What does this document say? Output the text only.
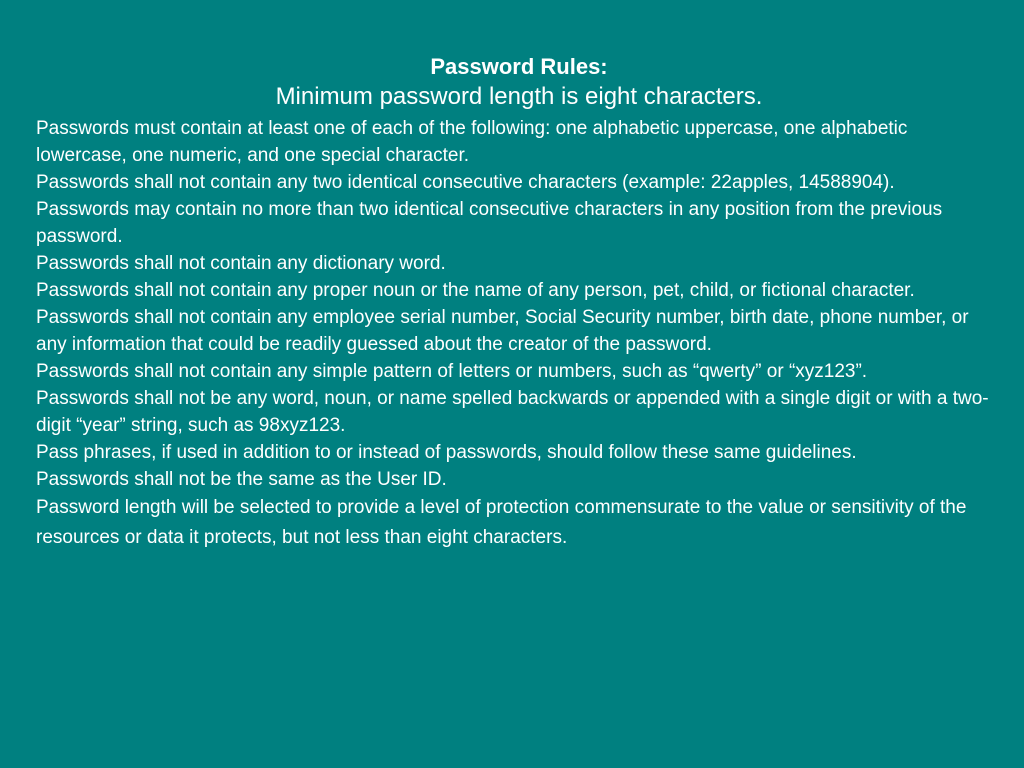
Password Rules:

Minimum password length is eight characters.

Passwords must contain at least one of each of the following: one alphabetic uppercase, one alphabetic lowercase, one numeric, and one special character.
Passwords shall not contain any two identical consecutive characters (example: 22apples, 14588904).
Passwords may contain no more than two identical consecutive characters in any position from the previous password.
Passwords shall not contain any dictionary word.
Passwords shall not contain any proper noun or the name of any person, pet, child, or fictional character.
Passwords shall not contain any employee serial number, Social Security number, birth date, phone number, or any information that could be readily guessed about the creator of the password.
Passwords shall not contain any simple pattern of letters or numbers, such as “qwerty” or “xyz123”.
Passwords shall not be any word, noun, or name spelled backwards or appended with a single digit or with a two-digit “year” string, such as 98xyz123.
Pass phrases, if used in addition to or instead of passwords, should follow these same guidelines.
Passwords shall not be the same as the User ID.
Password length will be selected to provide a level of protection commensurate to the value or sensitivity of the resources or data it protects, but not less than eight characters.
